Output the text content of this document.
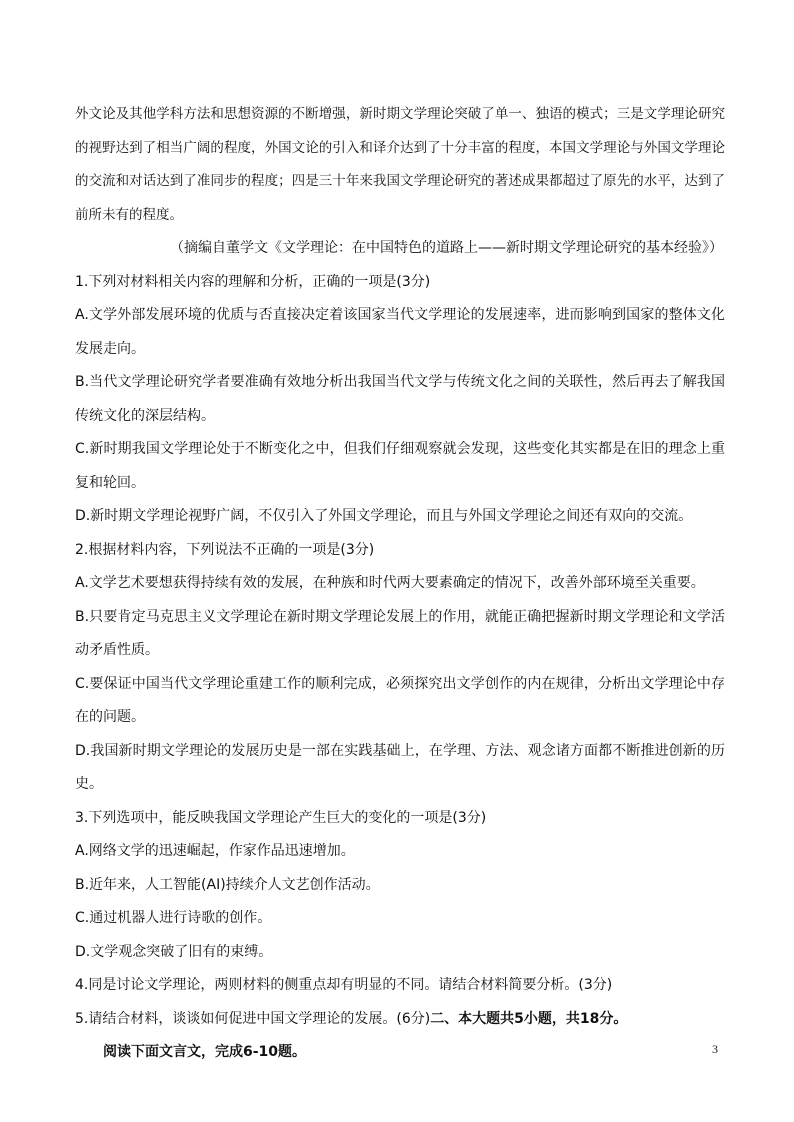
外文论及其他学科方法和思想资源的不断增强，新时期文学理论突破了单一、独语的模式；三是文学理论研究的视野达到了相当广阔的程度，外国文论的引入和译介达到了十分丰富的程度，本国文学理论与外国文学理论的交流和对话达到了准同步的程度；四是三十年来我国文学理论研究的著述成果都超过了原先的水平，达到了前所未有的程度。

（摘编自董学文《文学理论：在中国特色的道路上——新时期文学理论研究的基本经验》）

1.下列对材料相关内容的理解和分析，正确的一项是(3分)

A.文学外部发展环境的优质与否直接决定着该国家当代文学理论的发展速率，进而影响到国家的整体文化发展走向。

B.当代文学理论研究学者要准确有效地分析出我国当代文学与传统文化之间的关联性，然后再去了解我国传统文化的深层结构。

C.新时期我国文学理论处于不断变化之中，但我们仔细观察就会发现，这些变化其实都是在旧的理念上重复和轮回。

D.新时期文学理论视野广阔，不仅引入了外国文学理论，而且与外国文学理论之间还有双向的交流。

2.根据材料内容，下列说法不正确的一项是(3分)

A.文学艺术要想获得持续有效的发展，在种族和时代两大要素确定的情况下，改善外部环境至关重要。

B.只要肯定马克思主义文学理论在新时期文学理论发展上的作用，就能正确把握新时期文学理论和文学活动矛盾性质。

C.要保证中国当代文学理论重建工作的顺利完成，必须探究出文学创作的内在规律，分析出文学理论中存在的问题。

D.我国新时期文学理论的发展历史是一部在实践基础上，在学理、方法、观念诸方面都不断推进创新的历史。

3.下列选项中，能反映我国文学理论产生巨大的变化的一项是(3分)

A.网络文学的迅速崛起，作家作品迅速增加。

B.近年来，人工智能(AI)持续介人文艺创作活动。

C.通过机器人进行诗歌的创作。

D.文学观念突破了旧有的束缚。

4.同是讨论文学理论，两则材料的侧重点却有明显的不同。请结合材料简要分析。(3分)

5.请结合材料，谈谈如何促进中国文学理论的发展。(6分)二、本大题共5小题，共18分。

阅读下面文言文，完成6-10题。	3
